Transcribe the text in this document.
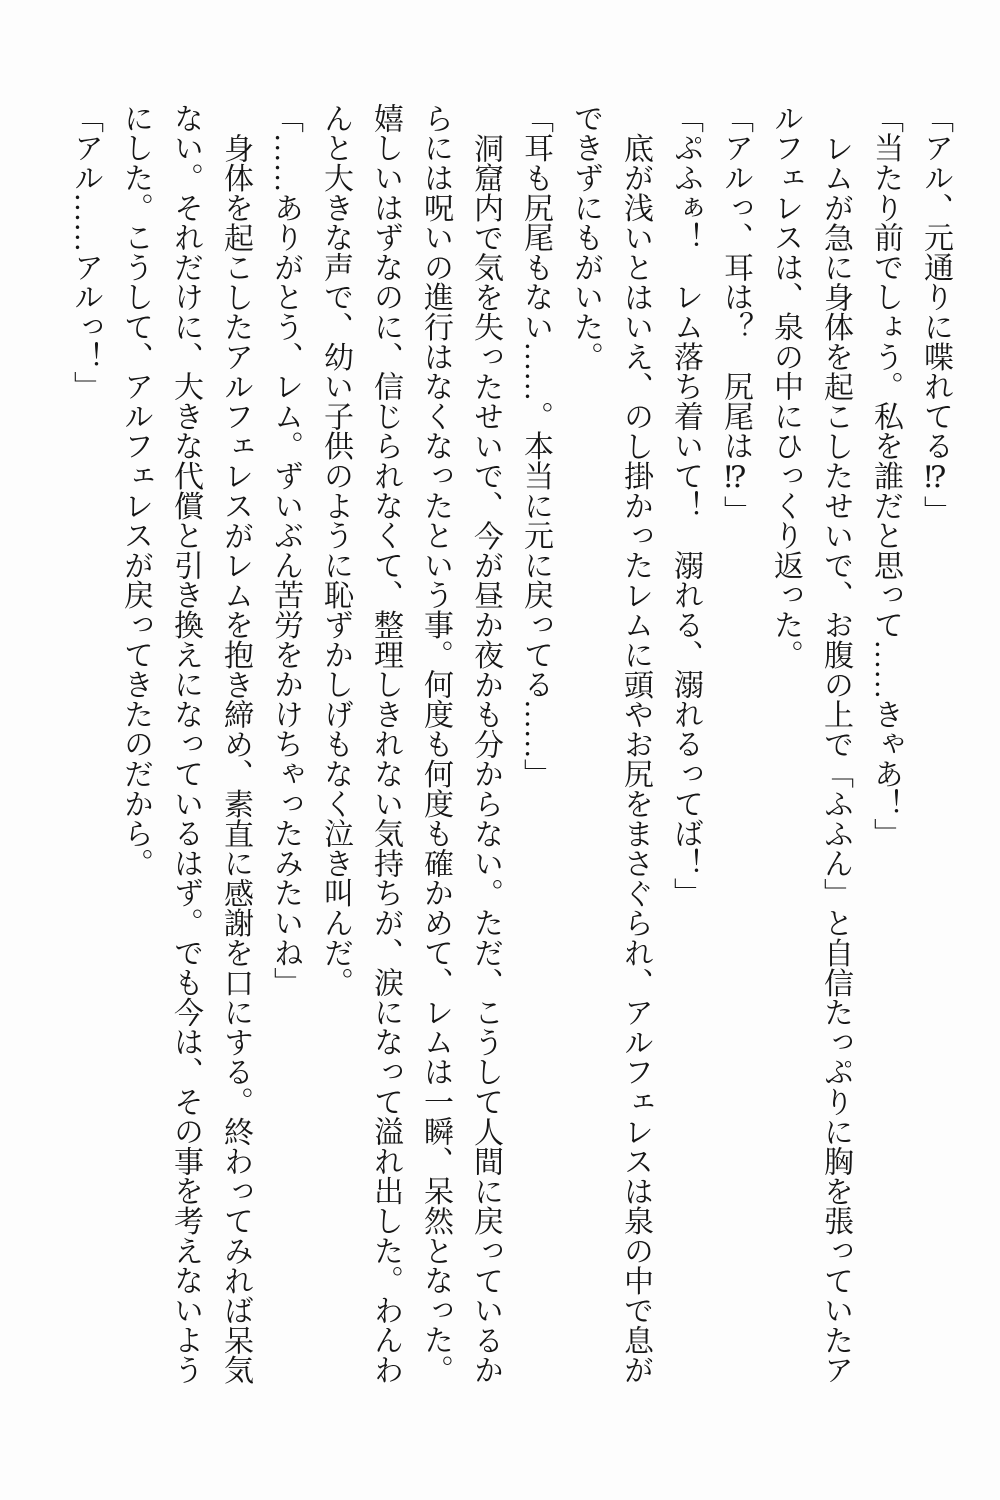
「アル、元通りに喋れてる⁉」

「当たり前でしょう。私を誰だと思って……きゃあ！」

レムが急に身体を起こしたせいで、お腹の上で「ふふん」と自信たっぷりに胸を張っていたアルフェレスは、泉の中にひっくり返った。

「アルっ、耳は？　尻尾は⁉」

「ぷふぁ！　レム落ち着いて！　溺れる、溺れるってば！」

底が浅いとはいえ、のし掛かったレムに頭やお尻をまさぐられ、アルフェレスは泉の中で息ができずにもがいた。

「耳も尻尾もない……。本当に元に戻ってる……」

洞窟内で気を失ったせいで、今が昼か夜かも分からない。ただ、こうして人間に戻っているからには呪いの進行はなくなったという事。何度も何度も確かめて、レムは一瞬、呆然となった。

嬉しいはずなのに、信じられなくて、整理しきれない気持ちが、涙になって溢れ出した。わんわんと大きな声で、幼い子供のように恥ずかしげもなく泣き叫んだ。

「……ありがとう、レム。ずいぶん苦労をかけちゃったみたいね」

身体を起こしたアルフェレスがレムを抱き締め、素直に感謝を口にする。終わってみれば呆気ない。それだけに、大きな代償と引き換えになっているはず。でも今は、その事を考えないようにした。こうして、アルフェレスが戻ってきたのだから。

「アル……アルっ！」
